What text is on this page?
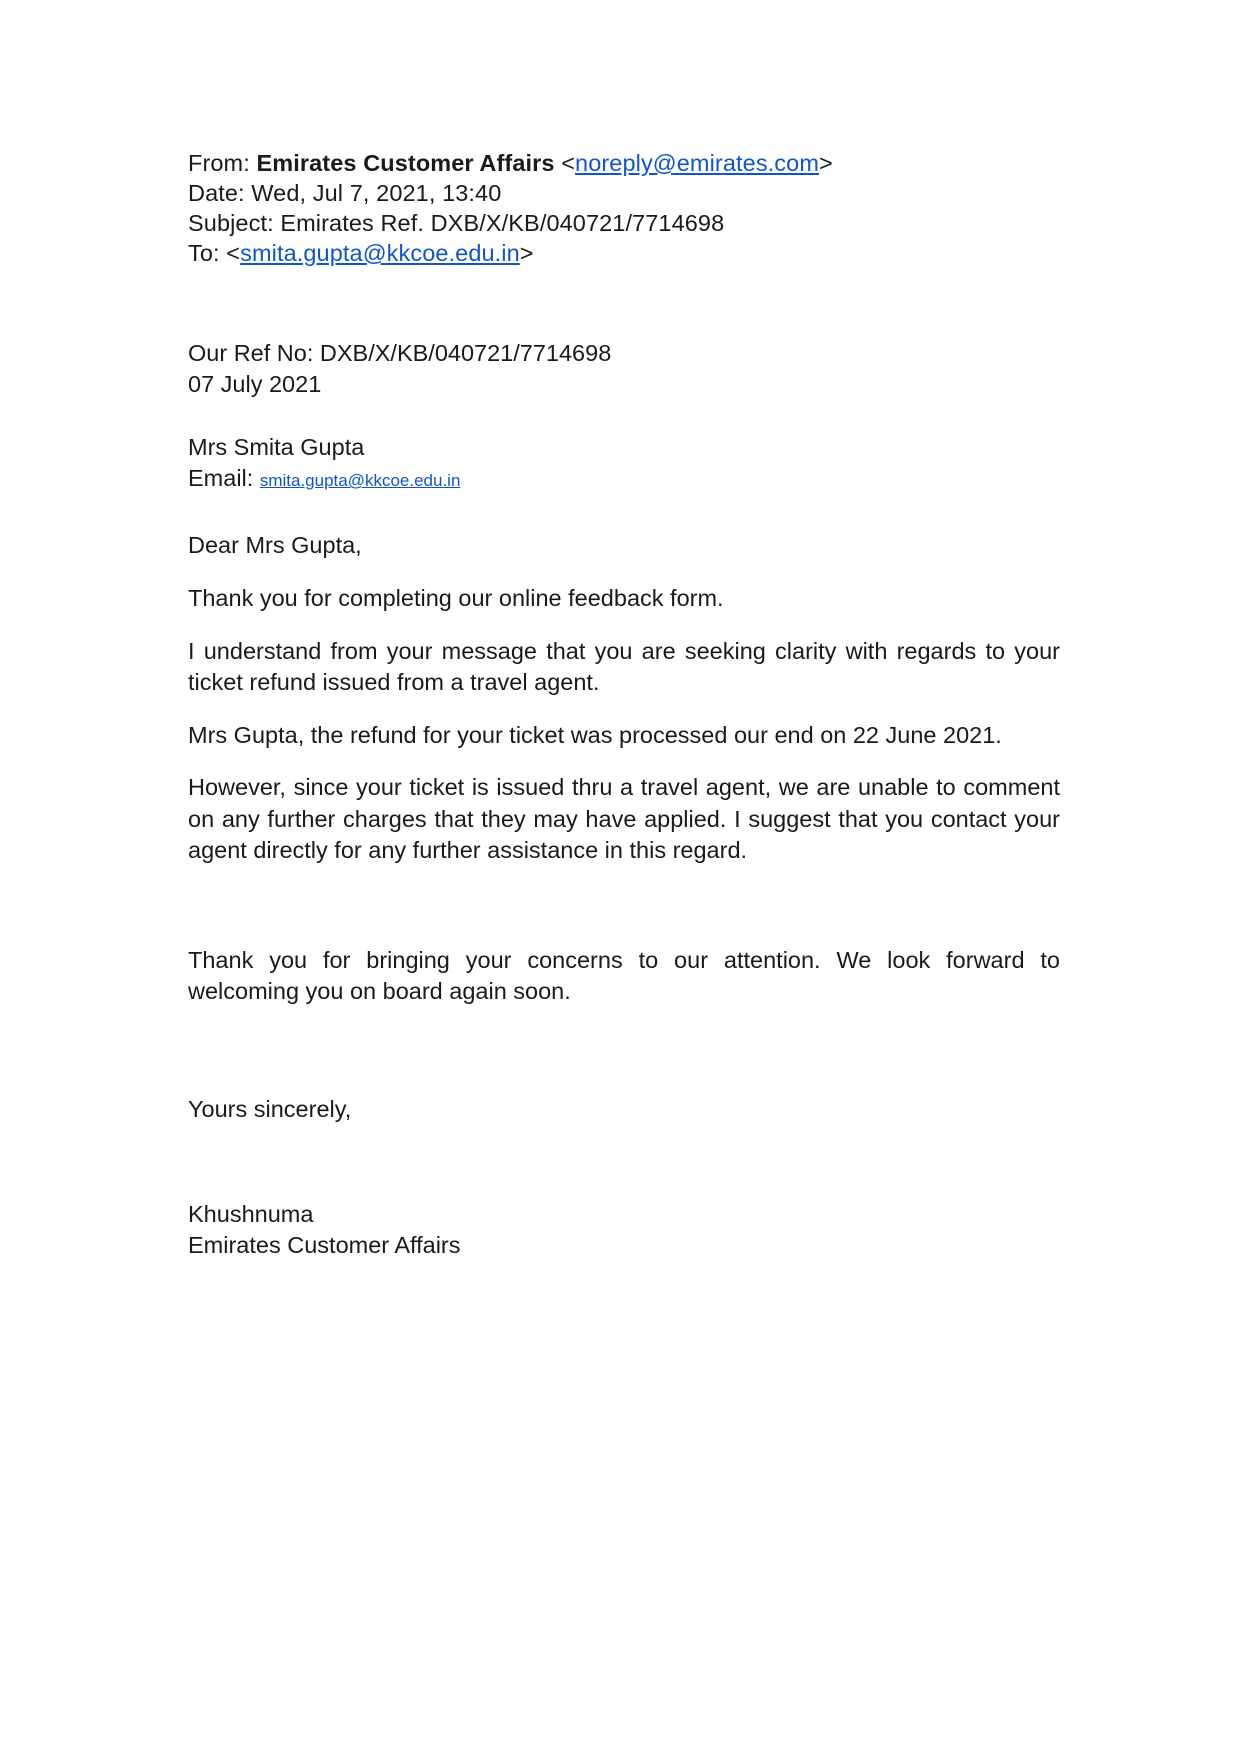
From: Emirates Customer Affairs <noreply@emirates.com>
Date: Wed, Jul 7, 2021, 13:40
Subject: Emirates Ref. DXB/X/KB/040721/7714698
To: <smita.gupta@kkcoe.edu.in>
Our Ref No: DXB/X/KB/040721/7714698
07 July 2021
Mrs Smita Gupta
Email: smita.gupta@kkcoe.edu.in
Dear Mrs Gupta,

Thank you for completing our online feedback form.

I understand from your message that you are seeking clarity with regards to your ticket refund issued from a travel agent.

Mrs Gupta, the refund for your ticket was processed our end on 22 June 2021.

However, since your ticket is issued thru a travel agent, we are unable to comment on any further charges that they may have applied. I suggest that you contact your agent directly for any further assistance in this regard.

Thank you for bringing your concerns to our attention. We look forward to welcoming you on board again soon.

Yours sincerely,
Khushnuma
Emirates Customer Affairs
